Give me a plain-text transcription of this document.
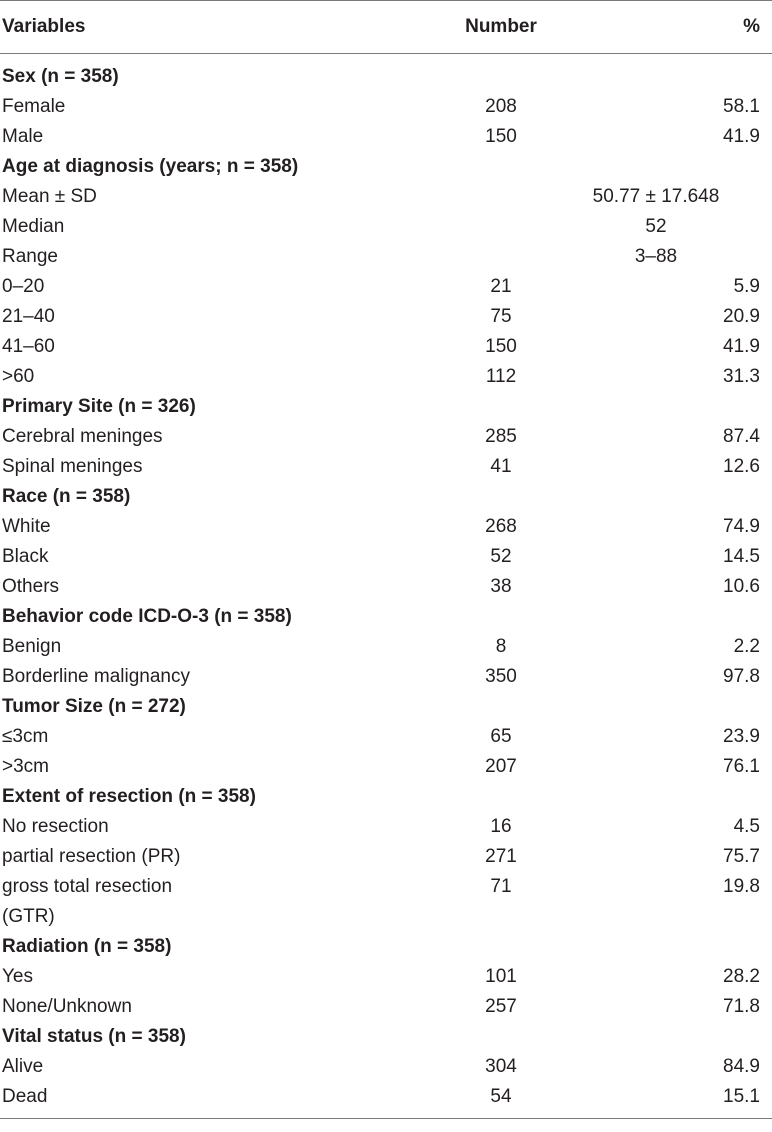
Variables	Number	%
Sex (n = 358)		
Female	208	58.1
Male	150	41.9
Age at diagnosis (years; n = 358)		
Mean ± SD	50.77 ± 17.648	
Median	52	
Range	3–88	
0–20	21	5.9
21–40	75	20.9
41–60	150	41.9
>60	112	31.3
Primary Site (n = 326)		
Cerebral meninges	285	87.4
Spinal meninges	41	12.6
Race (n = 358)		
White	268	74.9
Black	52	14.5
Others	38	10.6
Behavior code ICD-O-3 (n = 358)		
Benign	8	2.2
Borderline malignancy	350	97.8
Tumor Size (n = 272)		
≤3cm	65	23.9
>3cm	207	76.1
Extent of resection (n = 358)		
No resection	16	4.5
partial resection (PR)	271	75.7

gross total resection
(GTR)	71	19.8
Radiation (n = 358)		
Yes	101	28.2
None/Unknown	257	71.8
Vital status (n = 358)		
Alive	304	84.9
Dead	54	15.1
